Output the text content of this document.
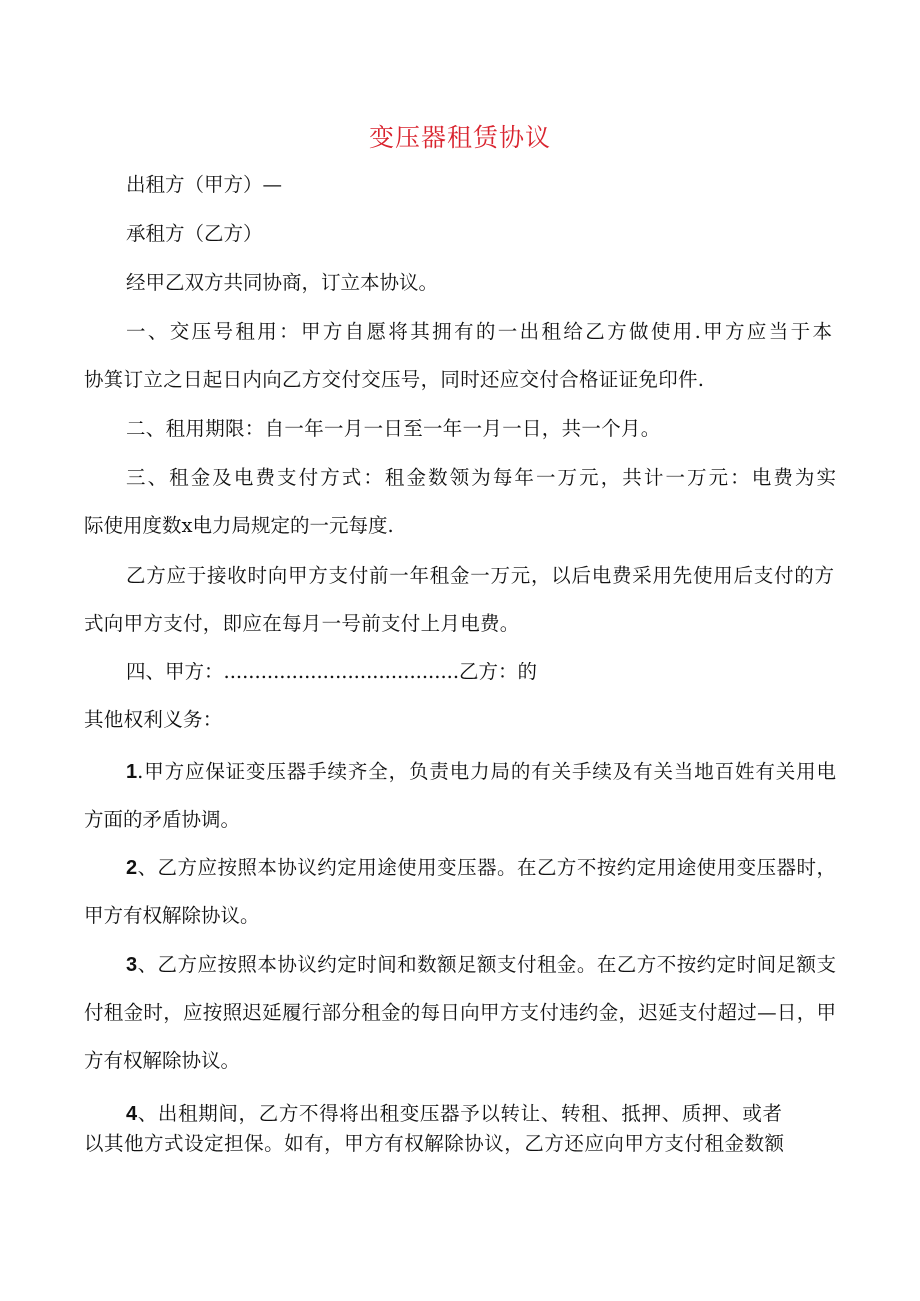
变压器租赁协议
出租方（甲方）—
承租方（乙方）
经甲乙双方共同协商，订立本协议。
一、交压号租用：甲方自愿将其拥有的一出租给乙方做使用.甲方应当于本
协箕订立之日起日内向乙方交付交压号，同时还应交付合格证证免印件.
二、租用期限：自一年一月一日至一年一月一日，共一个月。
三、租金及电费支付方式：租金数领为每年一万元，共计一万元：电费为实
际使用度数x电力局规定的一元每度.
乙方应于接收时向甲方支付前一年租金一万元，以后电费采用先使用后支付的方
式向甲方支付，即应在每月一号前支付上月电费。
四、甲方：......................................乙方：的
其他权利义务：
1.甲方应保证变压器手续齐全，负责电力局的有关手续及有关当地百姓有关用电
方面的矛盾协调。
2、乙方应按照本协议约定用途使用变压器。在乙方不按约定用途使用变压器时，
甲方有权解除协议。
3、乙方应按照本协议约定时间和数额足额支付租金。在乙方不按约定时间足额支
付租金时，应按照迟延履行部分租金的每日向甲方支付违约金，迟延支付超过—日，甲
方有权解除协议。
4、出租期间，乙方不得将出租变压器予以转让、转租、抵押、质押、或者
以其他方式设定担保。如有，甲方有权解除协议，乙方还应向甲方支付租金数额
